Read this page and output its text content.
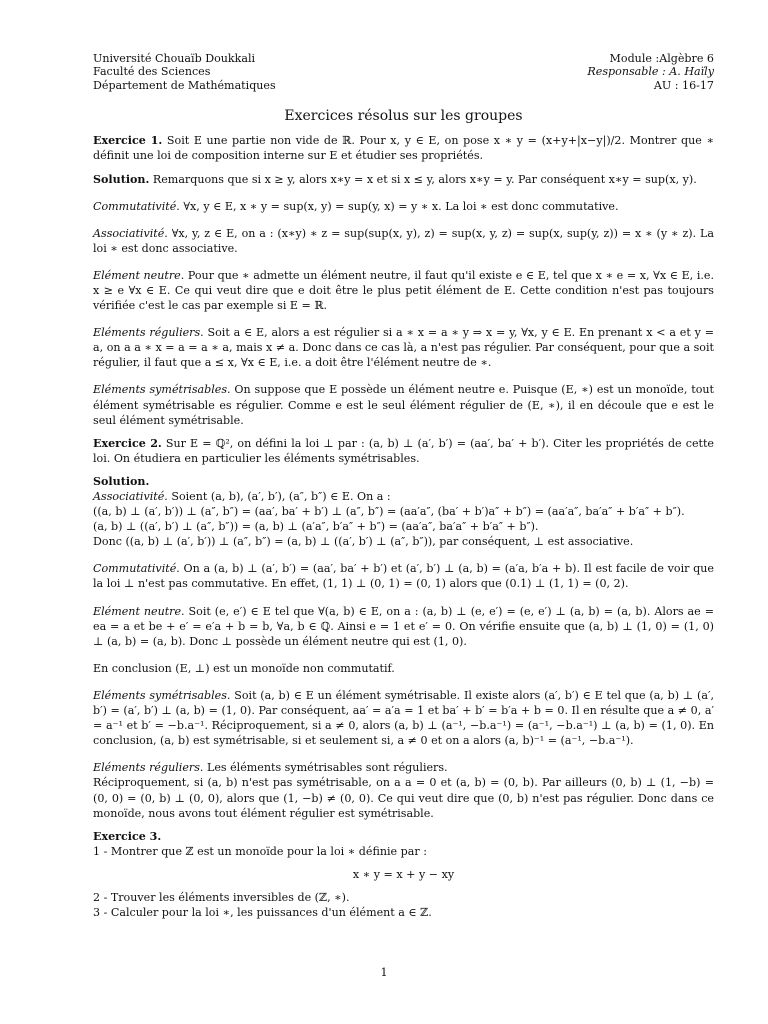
Université Chouaïb Doukkali
Faculté des Sciences
Département de Mathématiques
Module :Algèbre 6
Responsable : A. Haïly
AU : 16-17
Exercices résolus sur les groupes

Exercice 1. Soit E une partie non vide de ℝ. Pour x, y ∈ E, on pose x ∗ y = (x+y+|x−y|)/2. Montrer que ∗ définit une loi de composition interne sur E et étudier ses propriétés.

Solution. Remarquons que si x ≥ y, alors x∗y = x et si x ≤ y, alors x∗y = y. Par conséquent x∗y = sup(x, y).

Commutativité. ∀x, y ∈ E, x ∗ y = sup(x, y) = sup(y, x) = y ∗ x. La loi ∗ est donc commutative.

Associativité. ∀x, y, z ∈ E, on a : (x∗y) ∗ z = sup(sup(x, y), z) = sup(x, y, z) = sup(x, sup(y, z)) = x ∗ (y ∗ z). La loi ∗ est donc associative.

Elément neutre. Pour que ∗ admette un élément neutre, il faut qu'il existe e ∈ E, tel que x ∗ e = x, ∀x ∈ E, i.e. x ≥ e ∀x ∈ E. Ce qui veut dire que e doit être le plus petit élément de E. Cette condition n'est pas toujours vérifiée c'est le cas par exemple si E = ℝ.

Eléments réguliers. Soit a ∈ E, alors a est régulier si a ∗ x = a ∗ y ⇒ x = y, ∀x, y ∈ E. En prenant x < a et y = a, on a a ∗ x = a = a ∗ a, mais x ≠ a. Donc dans ce cas là, a n'est pas régulier. Par conséquent, pour que a soit régulier, il faut que a ≤ x, ∀x ∈ E, i.e. a doit être l'élément neutre de ∗.

Eléments symétrisables. On suppose que E possède un élément neutre e. Puisque (E, ∗) est un monoïde, tout élément symétrisable es régulier. Comme e est le seul élément régulier de (E, ∗), il en découle que e est le seul élément symétrisable.

Exercice 2. Sur E = ℚ², on défini la loi ⊥ par : (a, b) ⊥ (a′, b′) = (aa′, ba′ + b′). Citer les propriétés de cette loi. On étudiera en particulier les éléments symétrisables.

Solution.

Associativité. Soient (a, b), (a′, b′), (a″, b″) ∈ E. On a :

((a, b) ⊥ (a′, b′)) ⊥ (a″, b″) = (aa′, ba′ + b′) ⊥ (a″, b″) = (aa′a″, (ba′ + b′)a″ + b″) = (aa′a″, ba′a″ + b′a″ + b″).

(a, b) ⊥ ((a′, b′) ⊥ (a″, b″)) = (a, b) ⊥ (a′a″, b′a″ + b″) = (aa′a″, ba′a″ + b′a″ + b″).

Donc ((a, b) ⊥ (a′, b′)) ⊥ (a″, b″) = (a, b) ⊥ ((a′, b′) ⊥ (a″, b″)), par conséquent, ⊥ est associative.

Commutativité. On a (a, b) ⊥ (a′, b′) = (aa′, ba′ + b′) et (a′, b′) ⊥ (a, b) = (a′a, b′a + b). Il est facile de voir que la loi ⊥ n'est pas commutative. En effet, (1, 1) ⊥ (0, 1) = (0, 1) alors que (0.1) ⊥ (1, 1) = (0, 2).

Elément neutre. Soit (e, e′) ∈ E tel que ∀(a, b) ∈ E, on a : (a, b) ⊥ (e, e′) = (e, e′) ⊥ (a, b) = (a, b). Alors ae = ea = a et be + e′ = e′a + b = b, ∀a, b ∈ ℚ. Ainsi e = 1 et e′ = 0. On vérifie ensuite que (a, b) ⊥ (1, 0) = (1, 0) ⊥ (a, b) = (a, b). Donc ⊥ possède un élément neutre qui est (1, 0).

En conclusion (E, ⊥) est un monoïde non commutatif.

Eléments symétrisables. Soit (a, b) ∈ E un élément symétrisable. Il existe alors (a′, b′) ∈ E tel que (a, b) ⊥ (a′, b′) = (a′, b′) ⊥ (a, b) = (1, 0). Par conséquent, aa′ = a′a = 1 et ba′ + b′ = b′a + b = 0. Il en résulte que a ≠ 0, a′ = a⁻¹ et b′ = −b.a⁻¹. Réciproquement, si a ≠ 0, alors (a, b) ⊥ (a⁻¹, −b.a⁻¹) = (a⁻¹, −b.a⁻¹) ⊥ (a, b) = (1, 0). En conclusion, (a, b) est symétrisable, si et seulement si, a ≠ 0 et on a alors (a, b)⁻¹ = (a⁻¹, −b.a⁻¹).

Eléments réguliers. Les éléments symétrisables sont réguliers.

Réciproquement, si (a, b) n'est pas symétrisable, on a a = 0 et (a, b) = (0, b). Par ailleurs (0, b) ⊥ (1, −b) = (0, 0) = (0, b) ⊥ (0, 0), alors que (1, −b) ≠ (0, 0). Ce qui veut dire que (0, b) n'est pas régulier. Donc dans ce monoïde, nous avons tout élément régulier est symétrisable.

Exercice 3.

1 - Montrer que ℤ est un monoïde pour la loi ∗ définie par :

x ∗ y = x + y − xy

2 - Trouver les éléments inversibles de (ℤ, ∗).

3 - Calculer pour la loi ∗, les puissances d'un élément a ∈ ℤ.

1
